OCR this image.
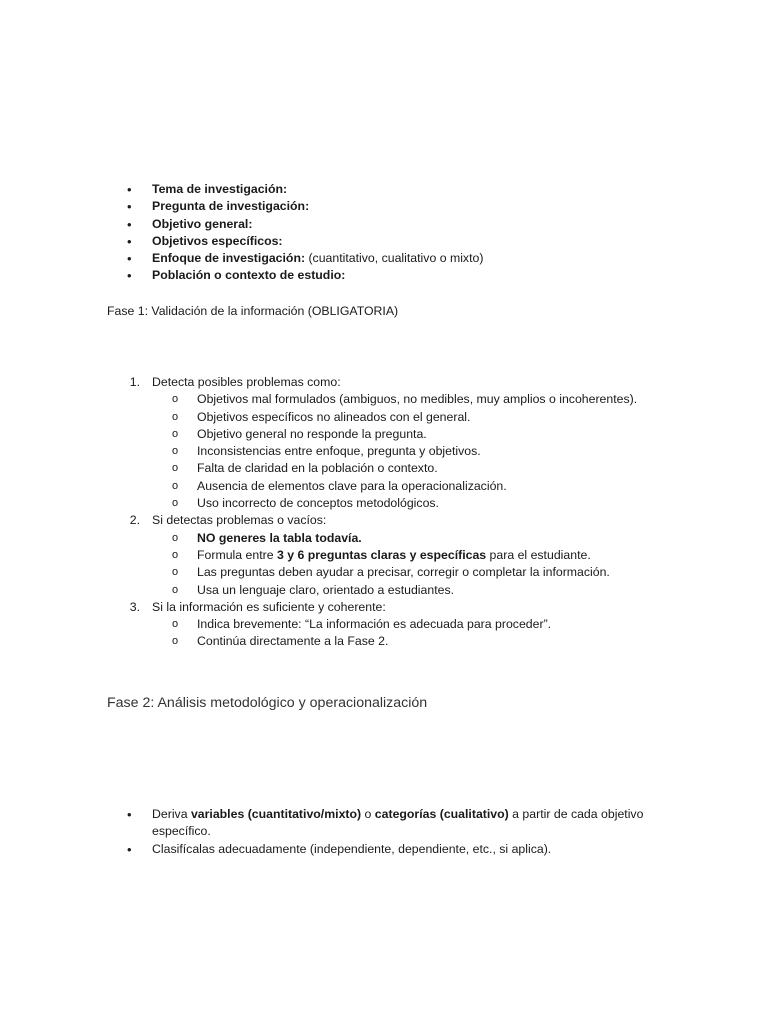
•	Tema de investigación:
•	Pregunta de investigación:
•	Objetivo general:
•	Objetivos específicos:
•	Enfoque de investigación: (cuantitativo, cualitativo o mixto)
•	Población o contexto de estudio:
Fase 1: Validación de la información (OBLIGATORIA)
1. Detecta posibles problemas como:
o	Objetivos mal formulados (ambiguos, no medibles, muy amplios o incoherentes).
o	Objetivos específicos no alineados con el general.
o	Objetivo general no responde la pregunta.
o	Inconsistencias entre enfoque, pregunta y objetivos.
o	Falta de claridad en la población o contexto.
o	Ausencia de elementos clave para la operacionalización.
o	Uso incorrecto de conceptos metodológicos.
2. Si detectas problemas o vacíos:
o	NO generes la tabla todavía.
o	Formula entre 3 y 6 preguntas claras y específicas para el estudiante.
o	Las preguntas deben ayudar a precisar, corregir o completar la información.
o	Usa un lenguaje claro, orientado a estudiantes.
3. Si la información es suficiente y coherente:
o	Indica brevemente: “La información es adecuada para proceder”.
o	Continúa directamente a la Fase 2.
Fase 2: Análisis metodológico y operacionalización
•	Deriva variables (cuantitativo/mixto) o categorías (cualitativo) a partir de cada objetivo
específico.
•	Clasifícalas adecuadamente (independiente, dependiente, etc., si aplica).
